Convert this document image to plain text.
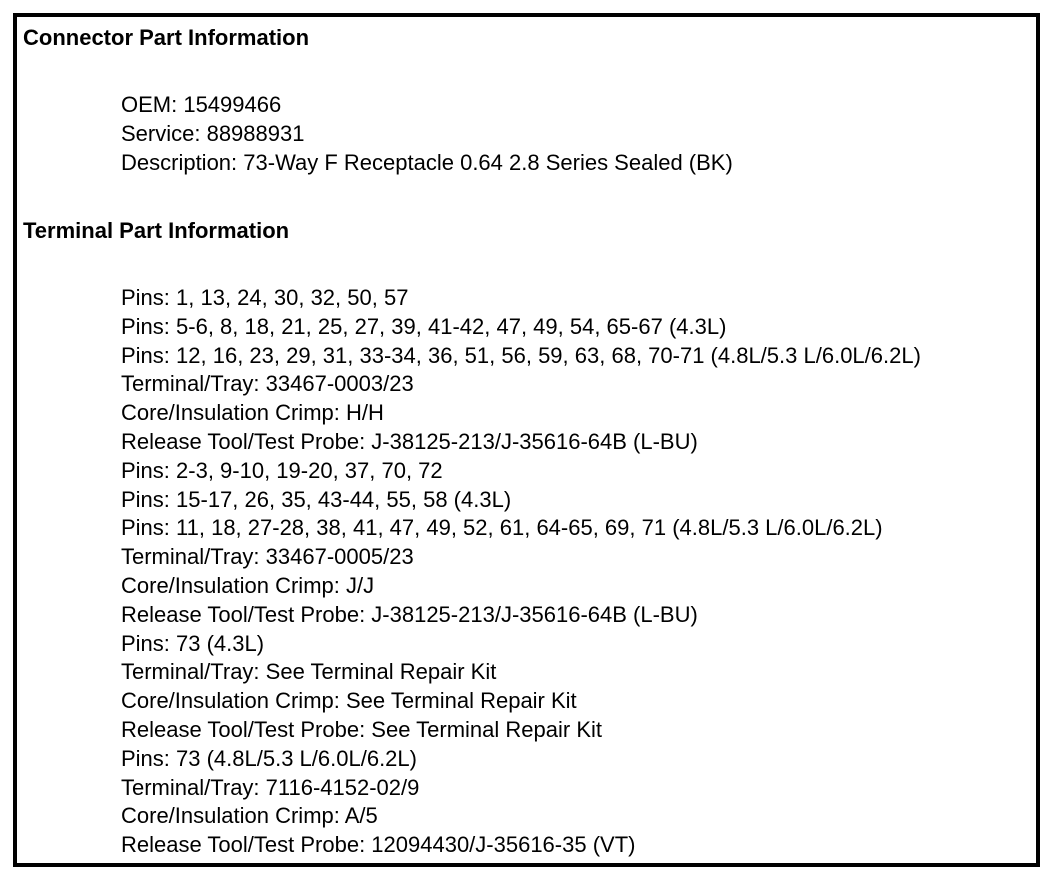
Connector Part Information
OEM: 15499466
Service: 88988931
Description: 73-Way F Receptacle 0.64 2.8 Series Sealed (BK)
Terminal Part Information
Pins: 1, 13, 24, 30, 32, 50, 57
Pins: 5-6, 8, 18, 21, 25, 27, 39, 41-42, 47, 49, 54, 65-67 (4.3L)
Pins: 12, 16, 23, 29, 31, 33-34, 36, 51, 56, 59, 63, 68, 70-71 (4.8L/5.3 L/6.0L/6.2L)
Terminal/Tray: 33467-0003/23
Core/Insulation Crimp: H/H
Release Tool/Test Probe: J-38125-213/J-35616-64B (L-BU)
Pins: 2-3, 9-10, 19-20, 37, 70, 72
Pins: 15-17, 26, 35, 43-44, 55, 58 (4.3L)
Pins: 11, 18, 27-28, 38, 41, 47, 49, 52, 61, 64-65, 69, 71 (4.8L/5.3 L/6.0L/6.2L)
Terminal/Tray: 33467-0005/23
Core/Insulation Crimp: J/J
Release Tool/Test Probe: J-38125-213/J-35616-64B (L-BU)
Pins: 73 (4.3L)
Terminal/Tray: See Terminal Repair Kit
Core/Insulation Crimp: See Terminal Repair Kit
Release Tool/Test Probe: See Terminal Repair Kit
Pins: 73 (4.8L/5.3 L/6.0L/6.2L)
Terminal/Tray: 7116-4152-02/9
Core/Insulation Crimp: A/5
Release Tool/Test Probe: 12094430/J-35616-35 (VT)
